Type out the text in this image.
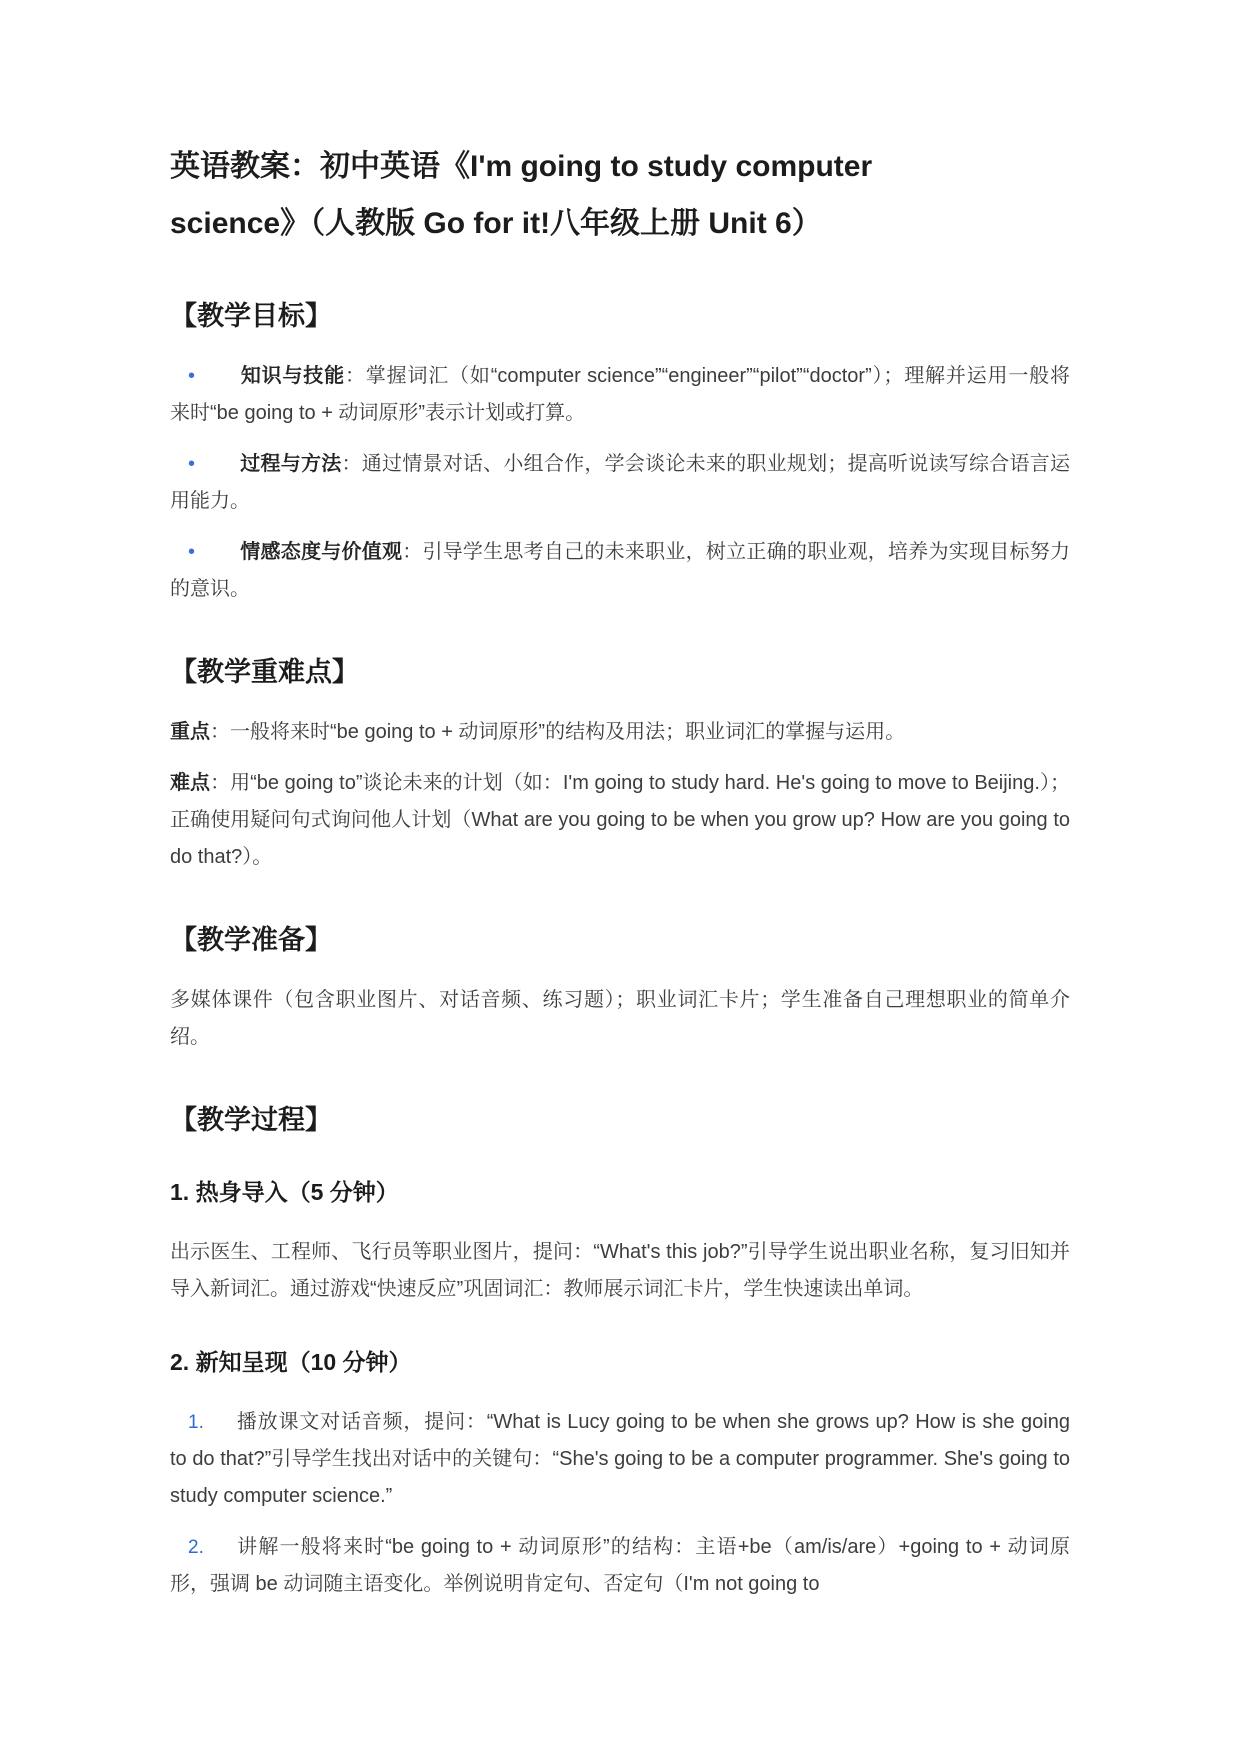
英语教案：初中英语《I'm going to study computer
science》（人教版 Go for it!八年级上册 Unit 6）
【教学目标】

• 知识与技能：掌握词汇（如“computer science”“engineer”“pilot”“doctor”）；理解并运用一般将来时“be going to + 动词原形”表示计划或打算。

• 过程与方法：通过情景对话、小组合作，学会谈论未来的职业规划；提高听说读写综合语言运用能力。

• 情感态度与价值观：引导学生思考自己的未来职业，树立正确的职业观，培养为实现目标努力的意识。

【教学重难点】

重点：一般将来时“be going to + 动词原形”的结构及用法；职业词汇的掌握与运用。

难点：用“be going to”谈论未来的计划（如：I'm going to study hard. He's going to move to Beijing.）；正确使用疑问句式询问他人计划（What are you going to be when you grow up? How are you going to do that?）。

【教学准备】

多媒体课件（包含职业图片、对话音频、练习题）；职业词汇卡片；学生准备自己理想职业的简单介绍。

【教学过程】
1. 热身导入（5 分钟）

出示医生、工程师、飞行员等职业图片，提问：“What's this job?”引导学生说出职业名称，复习旧知并导入新词汇。通过游戏“快速反应”巩固词汇：教师展示词汇卡片，学生快速读出单词。

2. 新知呈现（10 分钟）

1. 播放课文对话音频，提问：“What is Lucy going to be when she grows up? How is she going to do that?”引导学生找出对话中的关键句：“She's going to be a computer programmer. She's going to study computer science.”

2. 讲解一般将来时“be going to + 动词原形”的结构：主语+be（am/is/are）+going to + 动词原形，强调 be 动词随主语变化。举例说明肯定句、否定句（I'm not going to
